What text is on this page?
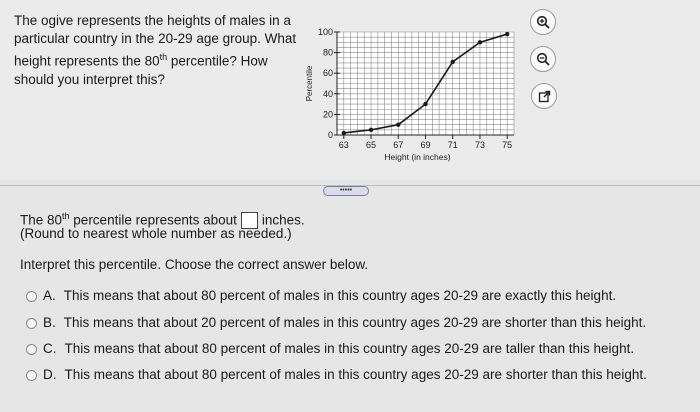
The ogive represents the heights of males in a
particular country in the 20-29 age group. What
height represents the 80th percentile? How
should you interpret this?
0
20
40
60
80
100
63 65 67 69 71 73 75
Height (in inches)
Percentile
•••••
The 80th percentile represents about inches.
(Round to nearest whole number as needed.)
Interpret this percentile. Choose the correct answer below.
A. This means that about 80 percent of males in this country ages 20-29 are exactly this height.
B. This means that about 20 percent of males in this country ages 20-29 are shorter than this height.
C. This means that about 80 percent of males in this country ages 20-29 are taller than this height.
D. This means that about 80 percent of males in this country ages 20-29 are shorter than this height.
